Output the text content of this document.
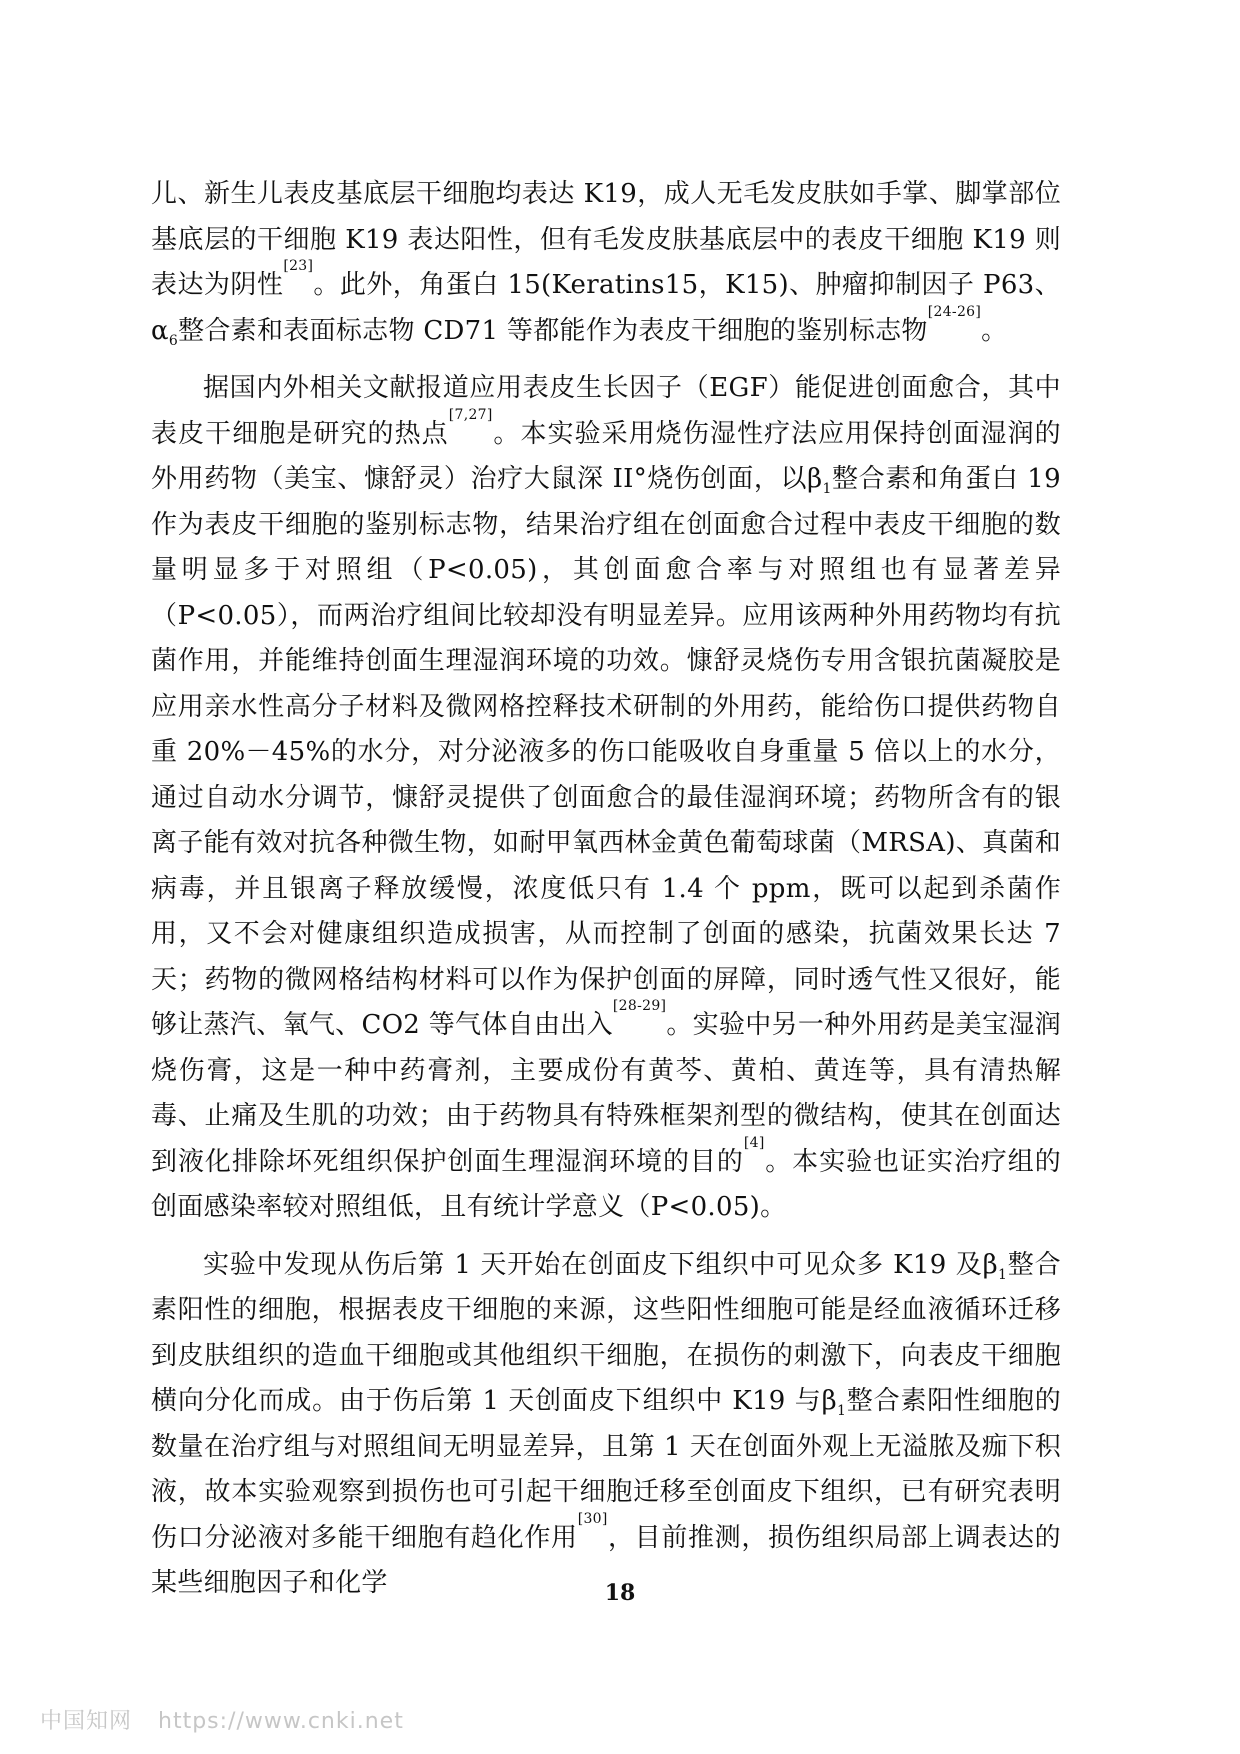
儿、新生儿表皮基底层干细胞均表达 K19，成人无毛发皮肤如手掌、脚掌部位基底层的干细胞 K19 表达阳性，但有毛发皮肤基底层中的表皮干细胞 K19 则表达为阴性[23]。此外，角蛋白 15(Keratins15，K15)、肿瘤抑制因子 P63、$\alpha_6$整合素和表面标志物 CD71 等都能作为表皮干细胞的鉴别标志物[24-26]。

据国内外相关文献报道应用表皮生长因子（EGF）能促进创面愈合，其中表皮干细胞是研究的热点[7,27]。本实验采用烧伤湿性疗法应用保持创面湿润的外用药物（美宝、慷舒灵）治疗大鼠深 II°烧伤创面，以$\beta_1$整合素和角蛋白 19 作为表皮干细胞的鉴别标志物，结果治疗组在创面愈合过程中表皮干细胞的数量明显多于对照组（P<0.05)，其创面愈合率与对照组也有显著差异（P<0.05），而两治疗组间比较却没有明显差异。应用该两种外用药物均有抗菌作用，并能维持创面生理湿润环境的功效。慷舒灵烧伤专用含银抗菌凝胶是应用亲水性高分子材料及微网格控释技术研制的外用药，能给伤口提供药物自重 20%－45%的水分，对分泌液多的伤口能吸收自身重量 5 倍以上的水分，通过自动水分调节，慷舒灵提供了创面愈合的最佳湿润环境；药物所含有的银离子能有效对抗各种微生物，如耐甲氧西林金黄色葡萄球菌（MRSA)、真菌和病毒，并且银离子释放缓慢，浓度低只有 1.4 个 ppm，既可以起到杀菌作用，又不会对健康组织造成损害，从而控制了创面的感染，抗菌效果长达 7 天；药物的微网格结构材料可以作为保护创面的屏障，同时透气性又很好，能够让蒸汽、氧气、CO2 等气体自由出入[28-29]。实验中另一种外用药是美宝湿润烧伤膏，这是一种中药膏剂，主要成份有黄芩、黄柏、黄连等，具有清热解毒、止痛及生肌的功效；由于药物具有特殊框架剂型的微结构，使其在创面达到液化排除坏死组织保护创面生理湿润环境的目的[4]。本实验也证实治疗组的创面感染率较对照组低，且有统计学意义（P<0.05)。

实验中发现从伤后第 1 天开始在创面皮下组织中可见众多 K19 及$\beta_1$整合素阳性的细胞，根据表皮干细胞的来源，这些阳性细胞可能是经血液循环迁移到皮肤组织的造血干细胞或其他组织干细胞，在损伤的刺激下，向表皮干细胞横向分化而成。由于伤后第 1 天创面皮下组织中 K19 与$\beta_1$整合素阳性细胞的数量在治疗组与对照组间无明显差异，且第 1 天在创面外观上无溢脓及痂下积液，故本实验观察到损伤也可引起干细胞迁移至创面皮下组织，已有研究表明伤口分泌液对多能干细胞有趋化作用[30]，目前推测，损伤组织局部上调表达的某些细胞因子和化学	18
中国知网 https://www.cnki.net
